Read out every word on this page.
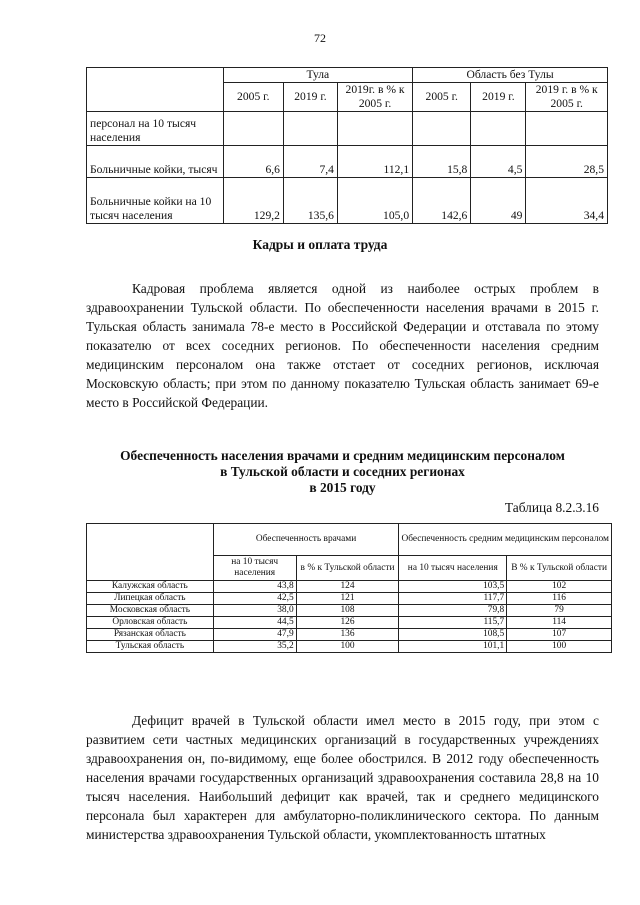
72
	Тула			Область без Тулы		
	2005 г.	2019 г.	2019г. в % к 2005 г.	2005 г.	2019 г.	2019 г. в % к 2005 г.
персонал на 10 тысяч населения						
Больничные койки, тысяч	6,6	7,4	112,1	15,8	4,5	28,5
Больничные койки на 10 тысяч населения	129,2	135,6	105,0	142,6	49	34,4
Кадры и оплата труда
Кадровая проблема является одной из наиболее острых проблем в здравоохранении Тульской области. По обеспеченности населения врачами в 2015 г. Тульская область занимала 78-е место в Российской Федерации и отставала по этому показателю от всех соседних регионов. По обеспеченности населения средним медицинским персоналом она также отстает от соседних регионов, исключая Московскую область; при этом по данному показателю Тульская область занимает 69-е место в Российской Федерации.
Обеспеченность населения врачами и средним медицинским персоналом
в Тульской области и соседних регионах
в 2015 году
Таблица 8.2.3.16
	Обеспеченность врачами		Обеспеченность средним медицинским персоналом	
	на 10 тысяч населения	в % к Тульской области	на 10 тысяч населения	В % к Тульской области
Калужская область	43,8	124	103,5	102
Липецкая область	42,5	121	117,7	116
Московская область	38,0	108	79,8	79
Орловская область	44,5	126	115,7	114
Рязанская область	47,9	136	108,5	107
Тульская область	35,2	100	101,1	100
Дефицит врачей в Тульской области имел место в 2015 году, при этом с развитием сети частных медицинских организаций в государственных учреждениях здравоохранения он, по-видимому, еще более обострился. В 2012 году обеспеченность населения врачами государственных организаций здравоохранения составила 28,8 на 10 тысяч населения. Наибольший дефицит как врачей, так и среднего медицинского персонала был характерен для амбулаторно-поликлинического сектора. По данным министерства здравоохранения Тульской области, укомплектованность штатных
